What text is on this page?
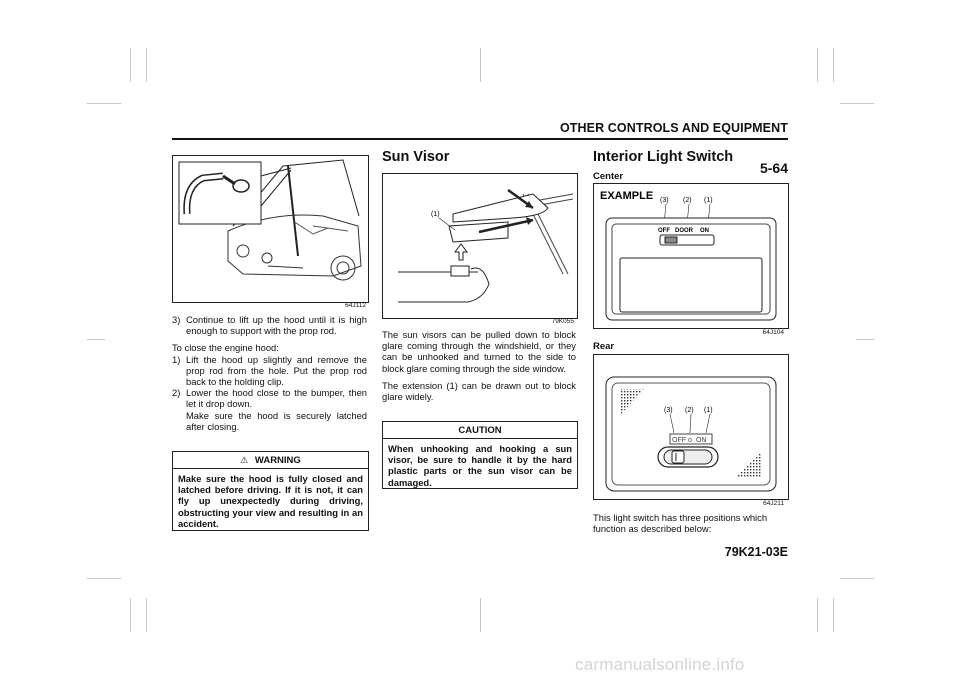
OTHER CONTROLS AND EQUIPMENT
5-64
64J112
3) Continue to lift up the hood until it is high enough to support with the prop rod.
To close the engine hood:
1) Lift the hood up slightly and remove the prop rod from the hole. Put the prop rod back to the holding clip.
2) Lower the hood close to the bumper, then let it drop down.
Make sure the hood is securely latched after closing.
⚠ WARNING
Make sure the hood is fully closed and latched before driving. If it is not, it can fly up unexpectedly during driving, obstructing your view and resulting in an accident.
Sun Visor
(1)
79K055

The sun visors can be pulled down to block glare coming through the windshield, or they can be unhooked and turned to the side to block glare coming through the side window.

The extension (1) can be drawn out to block glare widely.

CAUTION
When unhooking and hooking a sun visor, be sure to handle it by the hard plastic parts or the sun visor can be damaged.
Interior Light Switch
Center
EXAMPLE (3) (2) (1)
OFF DOOR ON
64J104
Rear
(3) (2) (1)
OFF o ON
64J211

This light switch has three positions which function as described below:

79K21-03E
carmanualsonline.info
